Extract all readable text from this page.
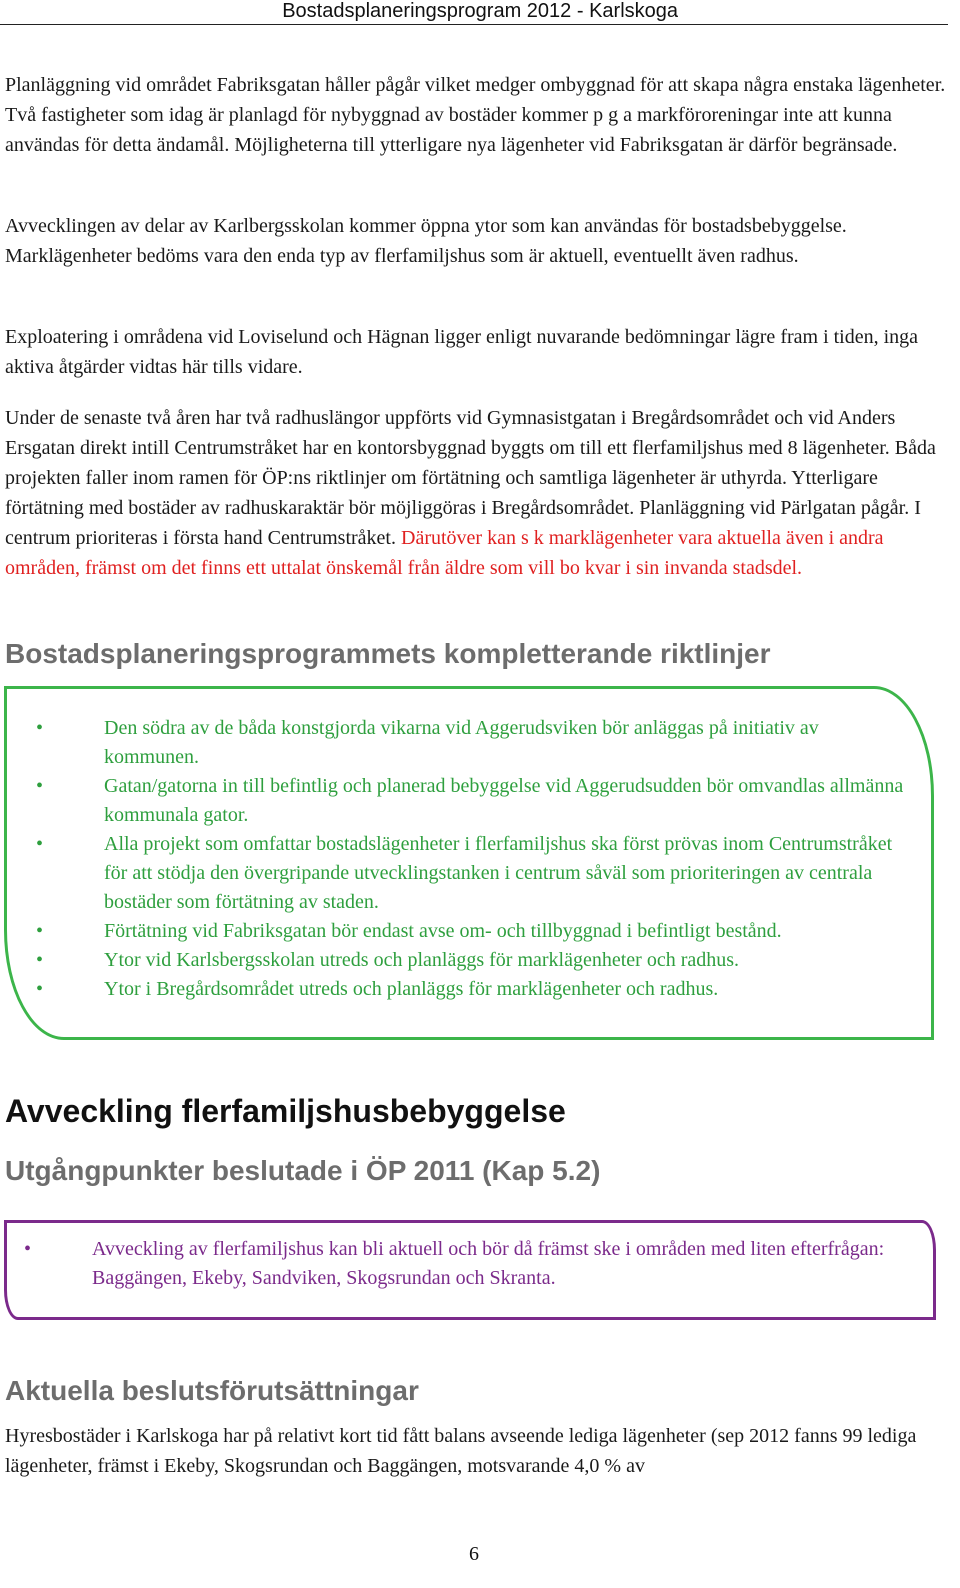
Bostadsplaneringsprogram 2012 - Karlskoga

Planläggning vid området Fabriksgatan håller pågår vilket medger ombyggnad för att skapa några enstaka lägenheter. Två fastigheter som idag är planlagd för nybyggnad av bostäder kommer p g a markföroreningar inte att kunna användas för detta ändamål. Möjligheterna till ytterligare nya lägenheter vid Fabriksgatan är därför begränsade.

Avvecklingen av delar av Karlbergsskolan kommer öppna ytor som kan användas för bostadsbebyggelse. Marklägenheter bedöms vara den enda typ av flerfamiljshus som är aktuell, eventuellt även radhus.

Exploatering i områdena vid Loviselund och Hägnan ligger enligt nuvarande bedömningar lägre fram i tiden, inga aktiva åtgärder vidtas här tills vidare.

Under de senaste två åren har två radhuslängor uppförts vid Gymnasistgatan i Bregårdsområdet och vid Anders Ersgatan direkt intill Centrumstråket har en kontorsbyggnad byggts om till ett flerfamiljshus med 8 lägenheter. Båda projekten faller inom ramen för ÖP:ns riktlinjer om förtätning och samtliga lägenheter är uthyrda. Ytterligare förtätning med bostäder av radhuskaraktär bör möjliggöras i Bregårdsområdet. Planläggning vid Pärlgatan pågår. I centrum prioriteras i första hand Centrumstråket. Därutöver kan s k marklägenheter vara aktuella även i andra områden, främst om det finns ett uttalat önskemål från äldre som vill bo kvar i sin invanda stadsdel.

Bostadsplaneringsprogrammets kompletterande riktlinjer
•	Den södra av de båda konstgjorda vikarna vid Aggerudsviken bör anläggas på initiativ av kommunen.
•	Gatan/gatorna in till befintlig och planerad bebyggelse vid Aggerudsudden bör omvandlas allmänna kommunala gator.
•	Alla projekt som omfattar bostadslägenheter i flerfamiljshus ska först prövas inom Centrumstråket för att stödja den övergripande utvecklingstanken i centrum såväl som prioriteringen av centrala bostäder som förtätning av staden.
•	Förtätning vid Fabriksgatan bör endast avse om- och tillbyggnad i befintligt bestånd.
•	Ytor vid Karlsbergsskolan utreds och planläggs för marklägenheter och radhus.
•	Ytor i Bregårdsområdet utreds och planläggs för marklägenheter och radhus.
Avveckling flerfamiljshusbebyggelse
Utgångpunkter beslutade i ÖP 2011 (Kap 5.2)
•	Avveckling av flerfamiljshus kan bli aktuell och bör då främst ske i områden med liten efterfrågan: Baggängen, Ekeby, Sandviken, Skogsrundan och Skranta.
Aktuella beslutsförutsättningar

Hyresbostäder i Karlskoga har på relativt kort tid fått balans avseende lediga lägenheter (sep 2012 fanns 99 lediga lägenheter, främst i Ekeby, Skogsrundan och Baggängen, motsvarande 4,0 % av

6
